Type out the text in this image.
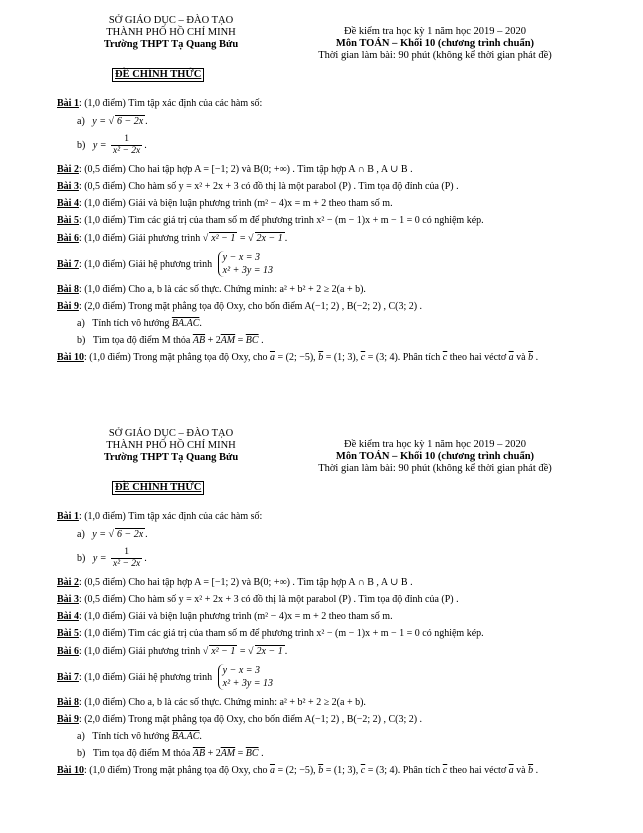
SỞ GIÁO DỤC – ĐÀO TẠO
THÀNH PHỐ HỒ CHÍ MINH
Trường THPT Tạ Quang Bửu
Đề kiểm tra học kỳ 1 năm học 2019 – 2020
Môn TOÁN – Khối 10 (chương trình chuẩn)
Thời gian làm bài: 90 phút (không kể thời gian phát đề)
ĐỀ CHÍNH THỨC
Bài 1: (1,0 điểm) Tìm tập xác định của các hàm số:
a) y = √ 6 − 2x .
b) $y = \frac{1}{\text{x² − 2x}}$ .
Bài 2: (0,5 điểm) Cho hai tập hợp A = [−1; 2) và B(0; +∞) . Tìm tập hợp A ∩ B , A ∪ B .
Bài 3: (0,5 điểm) Cho hàm số y = x² + 2x + 3 có đồ thị là một parabol (P) . Tìm tọa độ đỉnh của (P) .
Bài 4: (1,0 điểm) Giải và biện luận phương trình (m² − 4)x = m + 2 theo tham số m.
Bài 5: (1,0 điểm) Tìm các giá trị của tham số m để phương trình x² − (m − 1)x + m − 1 = 0 có nghiệm kép.
Bài 6: (1,0 điểm) Giải phương trình √ x² − 1 = √ 2x − 1 .
Bài 7: (1,0 điểm) Giải hệ phương trình
y − x = 3
x² + 3y = 13
Bài 8: (1,0 điểm) Cho a, b là các số thực. Chứng minh: a² + b² + 2 ≥ 2(a + b).
Bài 9: (2,0 điểm) Trong mặt phẳng tọa độ Oxy, cho bốn điểm A(−1; 2) , B(−2; 2) , C(3; 2) .
a) Tính tích vô hướng BA.AC.
b) Tìm tọa độ điểm M thỏa $\overline{AB} + 2\overline{AM} = \overline{BC}$ .
Bài 10: (1,0 điểm) Trong mặt phẳng tọa độ Oxy, cho $\overline{a} = (2$; −5), $\overline{b} = (1$; 3), $\overline{c} = (3$; 4). Phân tích $\overline{c}$ theo hai véctơ $\overline{a}$ và $\overline{b}$ .
SỞ GIÁO DỤC – ĐÀO TẠO
THÀNH PHỐ HỒ CHÍ MINH
Trường THPT Tạ Quang Bửu
Đề kiểm tra học kỳ 1 năm học 2019 – 2020
Môn TOÁN – Khối 10 (chương trình chuẩn)
Thời gian làm bài: 90 phút (không kể thời gian phát đề)
ĐỀ CHÍNH THỨC
Bài 1: (1,0 điểm) Tìm tập xác định của các hàm số:
a) y = √ 6 − 2x .
b) $y = \frac{1}{\text{x² − 2x}}$ .
Bài 2: (0,5 điểm) Cho hai tập hợp A = [−1; 2) và B(0; +∞) . Tìm tập hợp A ∩ B , A ∪ B .
Bài 3: (0,5 điểm) Cho hàm số y = x² + 2x + 3 có đồ thị là một parabol (P) . Tìm tọa độ đỉnh của (P) .
Bài 4: (1,0 điểm) Giải và biện luận phương trình (m² − 4)x = m + 2 theo tham số m.
Bài 5: (1,0 điểm) Tìm các giá trị của tham số m để phương trình x² − (m − 1)x + m − 1 = 0 có nghiệm kép.
Bài 6: (1,0 điểm) Giải phương trình √ x² − 1 = √ 2x − 1 .
Bài 7: (1,0 điểm) Giải hệ phương trình
y − x = 3
x² + 3y = 13
Bài 8: (1,0 điểm) Cho a, b là các số thực. Chứng minh: a² + b² + 2 ≥ 2(a + b).
Bài 9: (2,0 điểm) Trong mặt phẳng tọa độ Oxy, cho bốn điểm A(−1; 2) , B(−2; 2) , C(3; 2) .
a) Tính tích vô hướng BA.AC.
b) Tìm tọa độ điểm M thỏa $\overline{AB} + 2\overline{AM} = \overline{BC}$ .
Bài 10: (1,0 điểm) Trong mặt phẳng tọa độ Oxy, cho $\overline{a} = (2$; −5), $\overline{b} = (1$; 3), $\overline{c} = (3$; 4). Phân tích $\overline{c}$ theo hai véctơ $\overline{a}$ và $\overline{b}$ .
